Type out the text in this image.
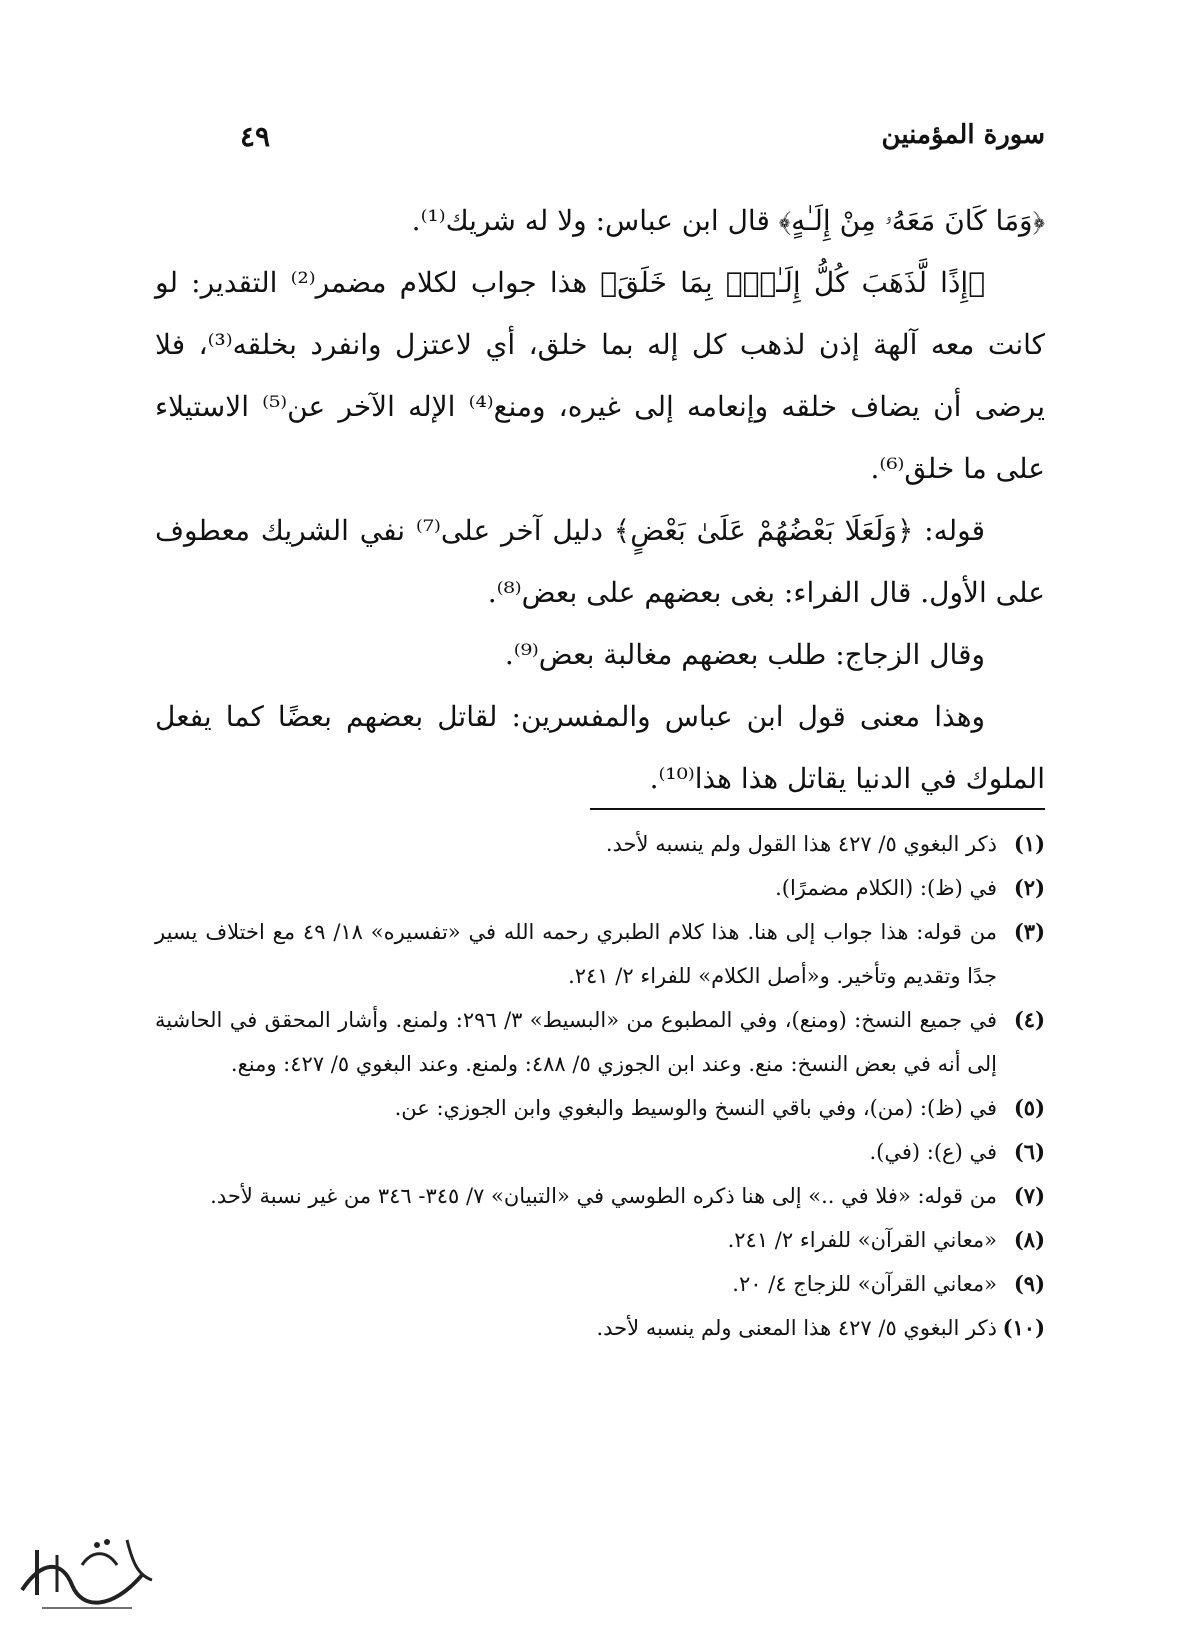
سورة المؤمنين
٤٩

﴿وَمَا كَانَ مَعَهُۥ مِنْ إِلَـٰهٍ﴾ قال ابن عباس: ولا له شريك⁽¹⁾.

﴿إِذًا لَّذَهَبَ كُلُّ إِلَـٰهٍۭ بِمَا خَلَقَ﴾ هذا جواب لكلام مضمر⁽²⁾ التقدير: لو كانت معه آلهة إذن لذهب كل إله بما خلق، أي لاعتزل وانفرد بخلقه⁽³⁾، فلا يرضى أن يضاف خلقه وإنعامه إلى غيره، ومنع⁽⁴⁾ الإله الآخر عن⁽⁵⁾ الاستيلاء على ما خلق⁽⁶⁾.

قوله: ﴿وَلَعَلَا بَعْضُهُمْ عَلَىٰ بَعْضٍ﴾ دليل آخر على⁽⁷⁾ نفي الشريك معطوف على الأول. قال الفراء: بغى بعضهم على بعض⁽⁸⁾.

وقال الزجاج: طلب بعضهم مغالبة بعض⁽⁹⁾.

وهذا معنى قول ابن عباس والمفسرين: لقاتل بعضهم بعضًا كما يفعل الملوك في الدنيا يقاتل هذا هذا⁽¹⁰⁾.

(١)
ذكر البغوي ٥/ ٤٢٧ هذا القول ولم ينسبه لأحد.
(٢)
في (ظ): (الكلام مضمرًا).
(٣)
من قوله: هذا جواب إلى هنا. هذا كلام الطبري رحمه الله في «تفسيره» ١٨/ ٤٩ مع اختلاف يسير جدًا وتقديم وتأخير. و«أصل الكلام» للفراء ٢/ ٢٤١.
(٤)
في جميع النسخ: (ومنع)، وفي المطبوع من «البسيط» ٣/ ٢٩٦: ولمنع. وأشار المحقق في الحاشية إلى أنه في بعض النسخ: منع. وعند ابن الجوزي ٥/ ٤٨٨: ولمنع. وعند البغوي ٥/ ٤٢٧: ومنع.
(٥)
في (ظ): (من)، وفي باقي النسخ والوسيط والبغوي وابن الجوزي: عن.
(٦)
في (ع): (في).
(٧)
من قوله: «فلا في ..» إلى هنا ذكره الطوسي في «التبيان» ٧/ ٣٤٥- ٣٤٦ من غير نسبة لأحد.
(٨)
«معاني القرآن» للفراء ٢/ ٢٤١.
(٩)
«معاني القرآن» للزجاج ٤/ ٢٠.
(١٠)
ذكر البغوي ٥/ ٤٢٧ هذا المعنى ولم ينسبه لأحد.
